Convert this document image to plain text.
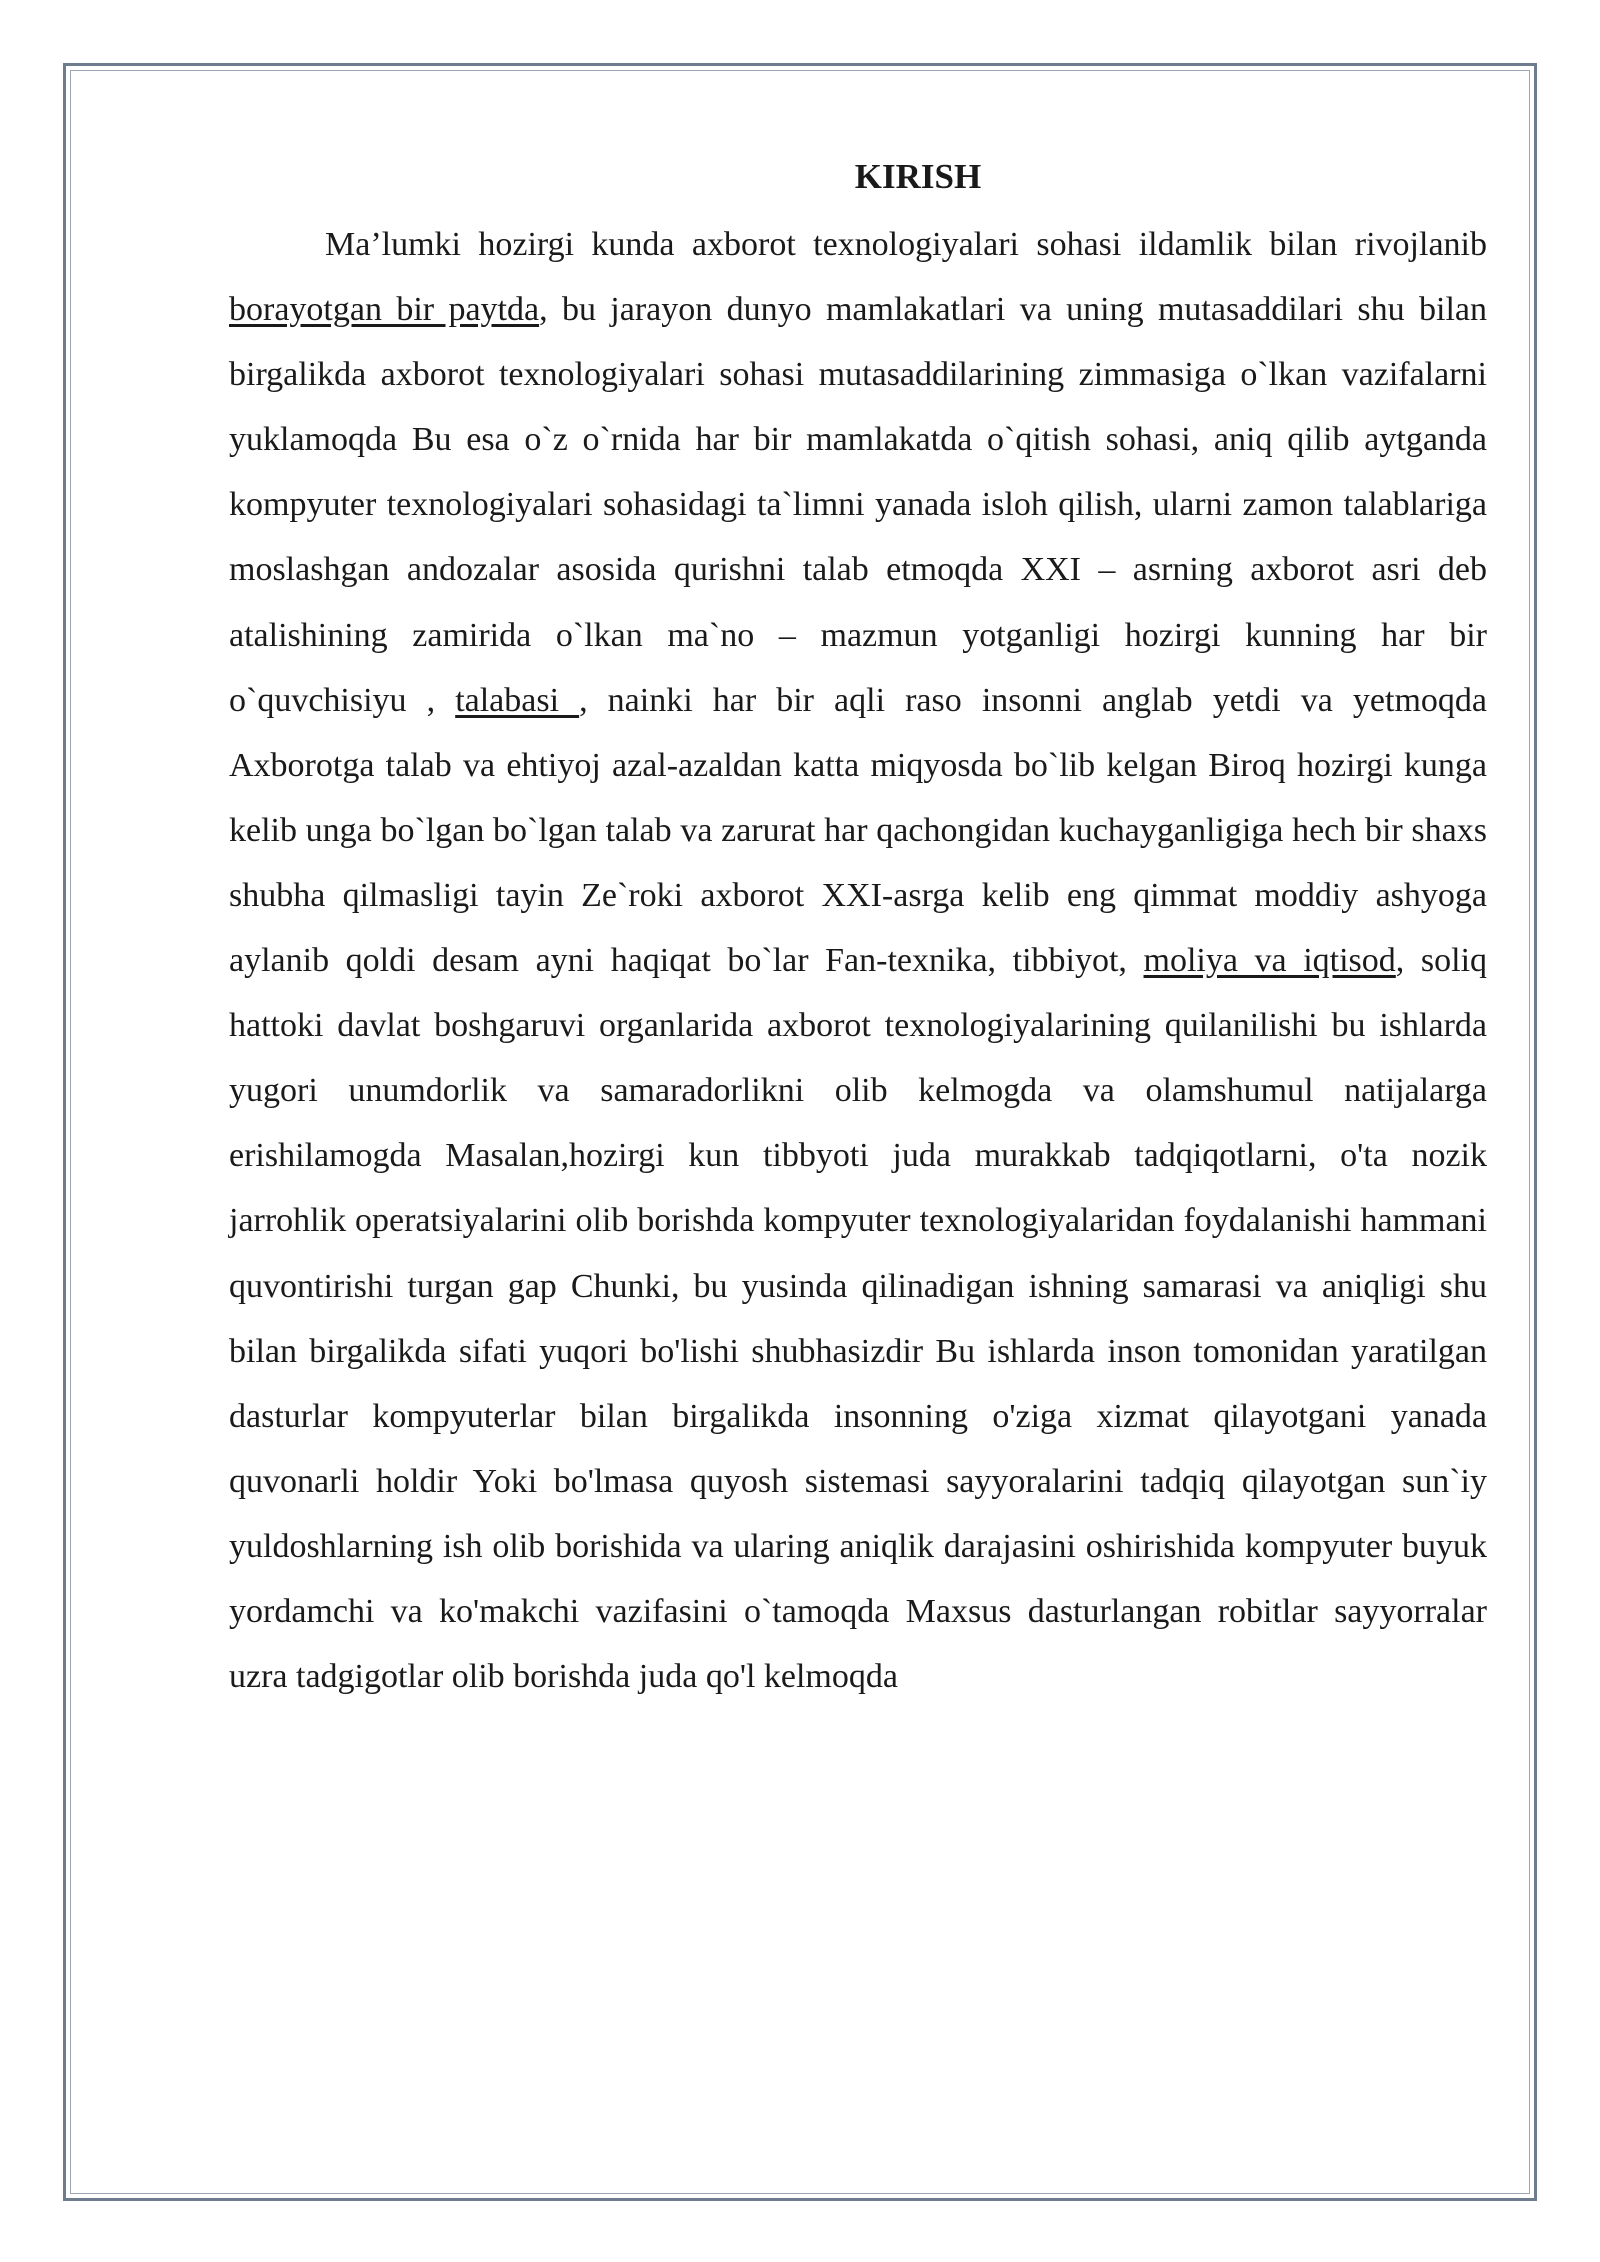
KIRISH

Ma’lumki hozirgi kunda axborot texnologiyalari sohasi ildamlik bilan rivojlanib borayotgan bir paytda, bu jarayon dunyo mamlakatlari va uning mutasaddilari shu bilan birgalikda axborot texnologiyalari sohasi mutasaddilarining zimmasiga o`lkan vazifalarni yuklamoqda Bu esa o`z o`rnida har bir mamlakatda o`qitish sohasi, aniq qilib aytganda kompyuter texnologiyalari sohasidagi ta`limni yanada isloh qilish, ularni zamon talablariga moslashgan andozalar asosida qurishni talab etmoqda XXI – asrning axborot asri deb atalishining zamirida o`lkan ma`no – mazmun yotganligi hozirgi kunning har bir o`quvchisiyu , talabasi , nainki har bir aqli raso insonni anglab yetdi va yetmoqda Axborotga talab va ehtiyoj azal-azaldan katta miqyosda bo`lib kelgan Biroq hozirgi kunga kelib unga bo`lgan bo`lgan talab va zarurat har qachongidan kuchayganligiga hech bir shaxs shubha qilmasligi tayin Ze`roki axborot XXI-asrga kelib eng qimmat moddiy ashyoga aylanib qoldi desam ayni haqiqat bo`lar Fan-texnika, tibbiyot, moliya va iqtisod, soliq hattoki davlat boshgaruvi organlarida axborot texnologiyalarining quilanilishi bu ishlarda yugori unumdorlik va samaradorlikni olib kelmogda va olamshumul natijalarga erishilamogda Masalan,hozirgi kun tibbyoti juda murakkab tadqiqotlarni, o'ta nozik jarrohlik operatsiyalarini olib borishda kompyuter texnologiyalaridan foydalanishi hammani quvontirishi turgan gap Chunki, bu yusinda qilinadigan ishning samarasi va aniqligi shu bilan birgalikda sifati yuqori bo'lishi shubhasizdir Bu ishlarda inson tomonidan yaratilgan dasturlar kompyuterlar bilan birgalikda insonning o'ziga xizmat qilayotgani yanada quvonarli holdir Yoki bo'lmasa quyosh sistemasi sayyoralarini tadqiq qilayotgan sun`iy yuldoshlarning ish olib borishida va ularing aniqlik darajasini oshirishida kompyuter buyuk yordamchi va ko'makchi vazifasini o`tamoqda Maxsus dasturlangan robitlar sayyorralar uzra tadgigotlar olib borishda juda qo'l kelmoqda
